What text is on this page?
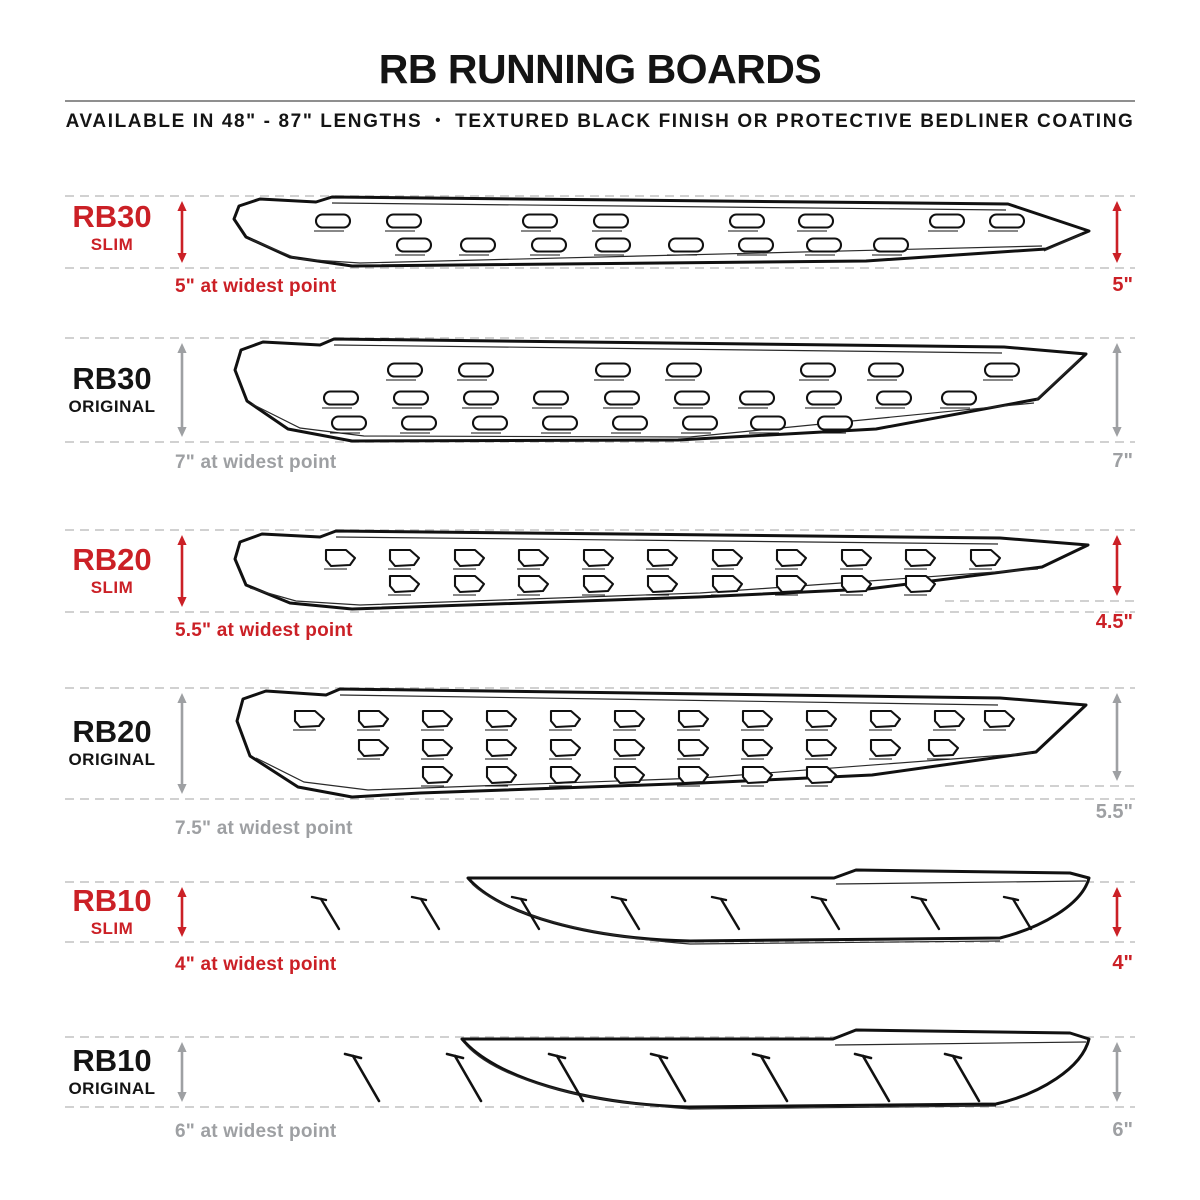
RB RUNNING BOARDS

AVAILABLE IN 48" - 87" LENGTHS • TEXTURED BLACK FINISH OR PROTECTIVE BEDLINER COATING

RB30
SLIM
5" at widest point	5"
RB30
ORIGINAL
7" at widest point	7"
RB20
SLIM
5.5" at widest point	4.5"
RB20
ORIGINAL
7.5" at widest point
5.5"
RB10
SLIM
4" at widest point	4"
RB10
ORIGINAL
6" at widest point	6"
